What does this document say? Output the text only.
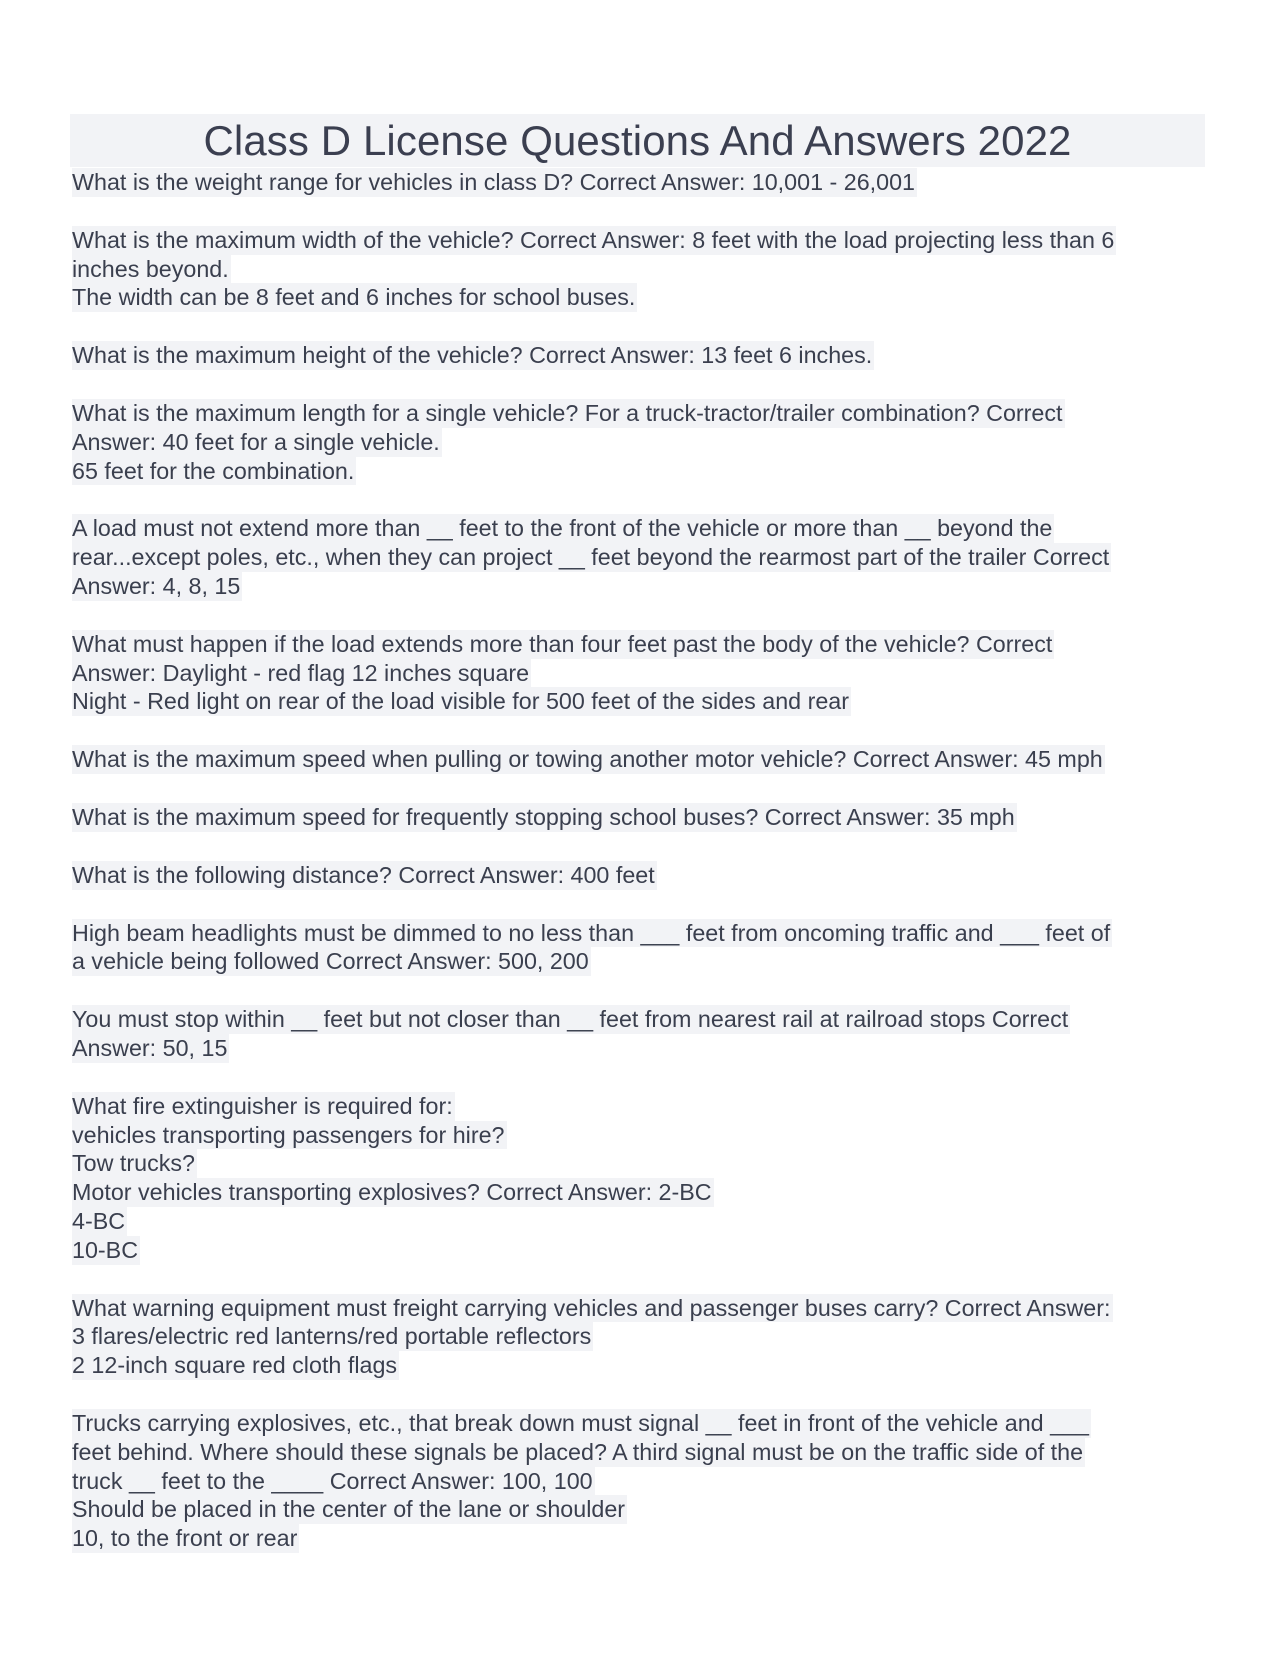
Class D License Questions And Answers 2022
What is the weight range for vehicles in class D? Correct Answer: 10,001 - 26,001
What is the maximum width of the vehicle? Correct Answer: 8 feet with the load projecting less than 6
inches beyond.
The width can be 8 feet and 6 inches for school buses.
What is the maximum height of the vehicle? Correct Answer: 13 feet 6 inches.
What is the maximum length for a single vehicle? For a truck-tractor/trailer combination? Correct
Answer: 40 feet for a single vehicle.
65 feet for the combination.
A load must not extend more than __ feet to the front of the vehicle or more than __ beyond the
rear...except poles, etc., when they can project __ feet beyond the rearmost part of the trailer Correct
Answer: 4, 8, 15
What must happen if the load extends more than four feet past the body of the vehicle? Correct
Answer: Daylight - red flag 12 inches square
Night - Red light on rear of the load visible for 500 feet of the sides and rear
What is the maximum speed when pulling or towing another motor vehicle? Correct Answer: 45 mph
What is the maximum speed for frequently stopping school buses? Correct Answer: 35 mph
What is the following distance? Correct Answer: 400 feet
High beam headlights must be dimmed to no less than ___ feet from oncoming traffic and ___ feet of
a vehicle being followed Correct Answer: 500, 200
You must stop within __ feet but not closer than __ feet from nearest rail at railroad stops Correct
Answer: 50, 15
What fire extinguisher is required for:
vehicles transporting passengers for hire?
Tow trucks?
Motor vehicles transporting explosives? Correct Answer: 2-BC
4-BC
10-BC
What warning equipment must freight carrying vehicles and passenger buses carry? Correct Answer:
3 flares/electric red lanterns/red portable reflectors
2 12-inch square red cloth flags
Trucks carrying explosives, etc., that break down must signal __ feet in front of the vehicle and ___
feet behind. Where should these signals be placed? A third signal must be on the traffic side of the
truck __ feet to the ____ Correct Answer: 100, 100
Should be placed in the center of the lane or shoulder
10, to the front or rear
